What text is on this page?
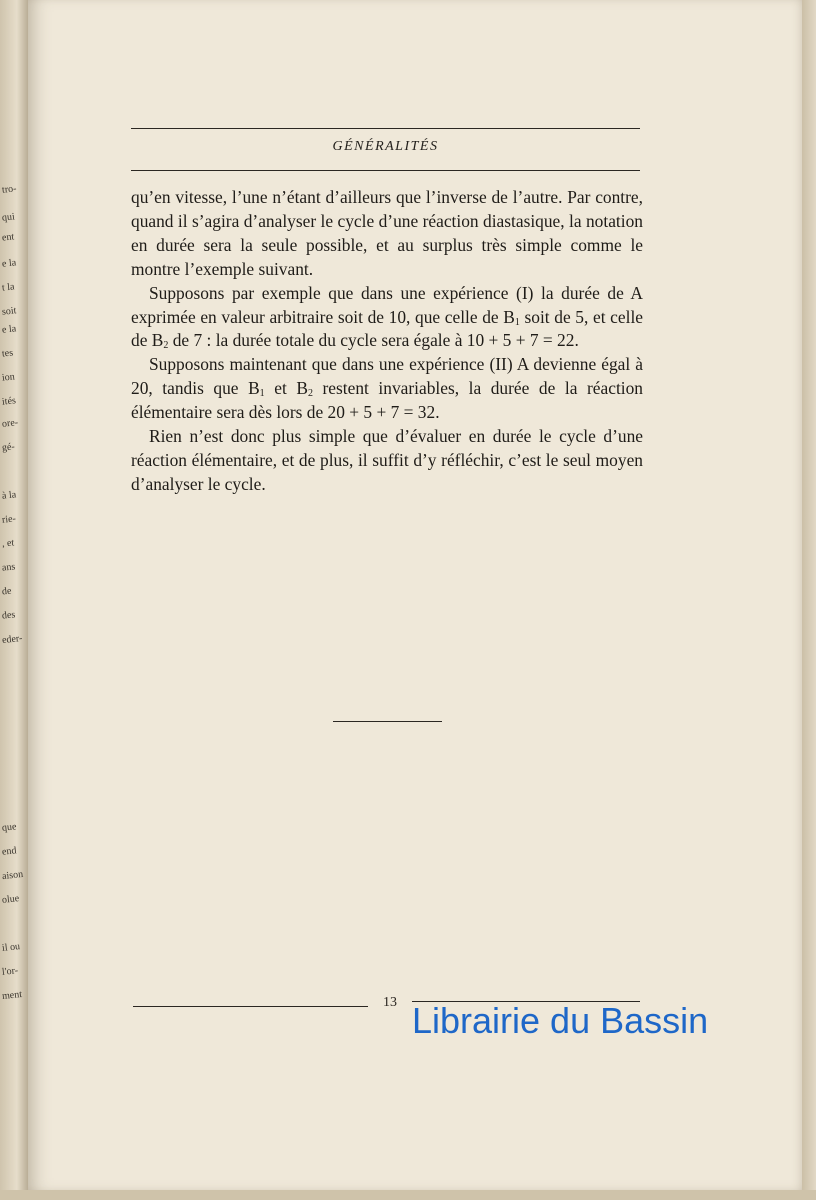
tro-
qui
ent
e la
t la
soit
e la
tes
ion
ités
ore-
gé-
à la
rie-
, et
ans
de
des
eder-
que
end
aison
olue
il ou
l'or-
ment
GÉNÉRALITÉS

qu’en vitesse, l’une n’étant d’ailleurs que l’inverse de l’autre. Par contre, quand il s’agira d’analyser le cycle d’une réaction diastasique, la notation en durée sera la seule possible, et au surplus très simple comme le montre l’exemple suivant.

Supposons par exemple que dans une expérience (I) la durée de A exprimée en valeur arbitraire soit de 10, que celle de $B_1$ soit de 5, et celle de $B_2$ de 7 : la durée totale du cycle sera égale à 10 + 5 + 7 = 22.

Supposons maintenant que dans une expérience (II) A devienne égal à 20, tandis que $B_1$ et $B_2$ restent invariables, la durée de la réaction élémentaire sera dès lors de 20 + 5 + 7 = 32.

Rien n’est donc plus simple que d’évaluer en durée le cycle d’une réaction élémentaire, et de plus, il suffit d’y réfléchir, c’est le seul moyen d’analyser le cycle.

13 Librairie du Bassin
